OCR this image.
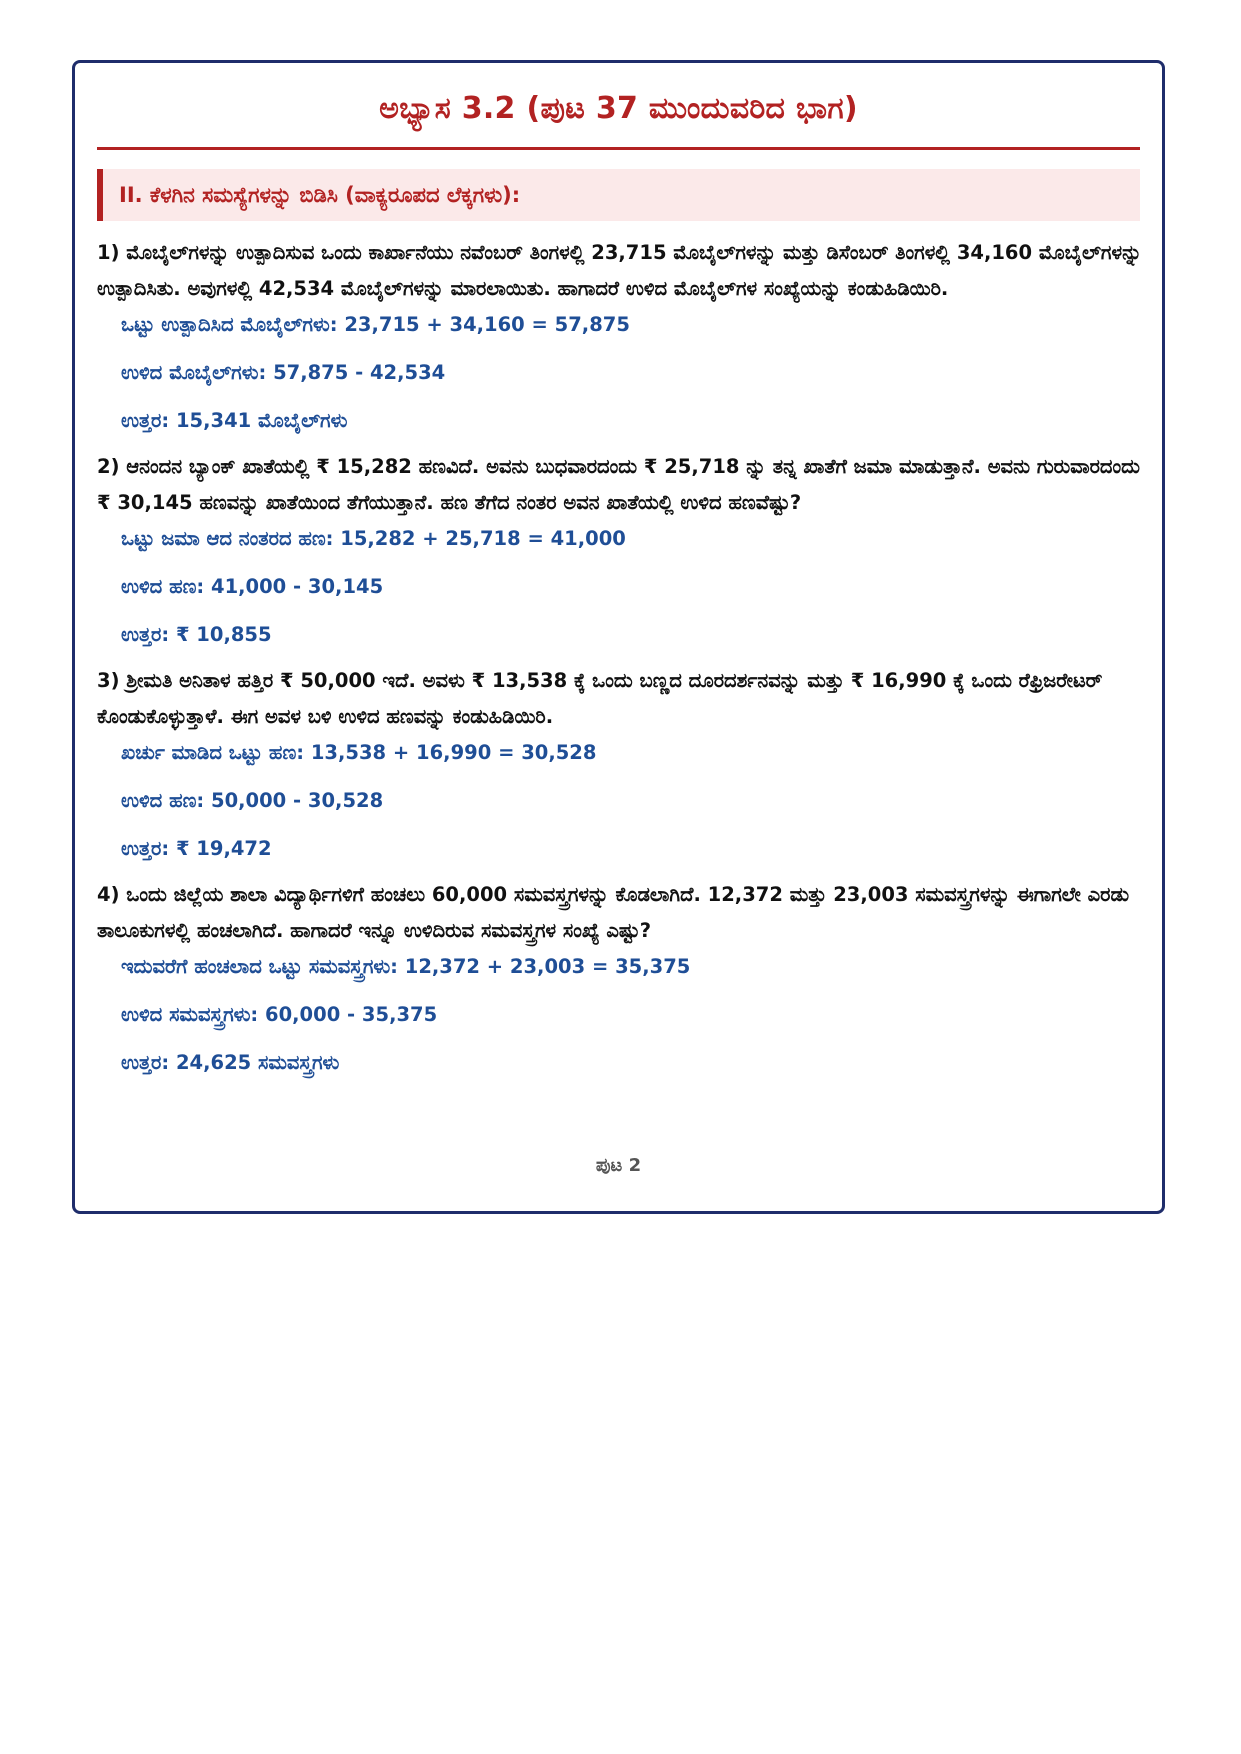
ಅಭ್ಯಾಸ 3.2 (ಪುಟ 37 ಮುಂದುವರಿದ ಭಾಗ)
II. ಕೆಳಗಿನ ಸಮಸ್ಯೆಗಳನ್ನು ಬಿಡಿಸಿ (ವಾಕ್ಯರೂಪದ ಲೆಕ್ಕಗಳು):

1) ಮೊಬೈಲ್‌ಗಳನ್ನು ಉತ್ಪಾದಿಸುವ ಒಂದು ಕಾರ್ಖಾನೆಯು ನವೆಂಬರ್ ತಿಂಗಳಲ್ಲಿ 23,715 ಮೊಬೈಲ್‌ಗಳನ್ನು ಮತ್ತು ಡಿಸೆಂಬರ್ ತಿಂಗಳಲ್ಲಿ 34,160 ಮೊಬೈಲ್‌ಗಳನ್ನು ಉತ್ಪಾದಿಸಿತು. ಅವುಗಳಲ್ಲಿ 42,534 ಮೊಬೈಲ್‌ಗಳನ್ನು ಮಾರಲಾಯಿತು. ಹಾಗಾದರೆ ಉಳಿದ ಮೊಬೈಲ್‌ಗಳ ಸಂಖ್ಯೆಯನ್ನು ಕಂಡುಹಿಡಿಯಿರಿ.

ಒಟ್ಟು ಉತ್ಪಾದಿಸಿದ ಮೊಬೈಲ್‌ಗಳು: 23,715 + 34,160 = 57,875
ಉಳಿದ ಮೊಬೈಲ್‌ಗಳು: 57,875 - 42,534
ಉತ್ತರ: 15,341 ಮೊಬೈಲ್‌ಗಳು

2) ಆನಂದನ ಬ್ಯಾಂಕ್ ಖಾತೆಯಲ್ಲಿ ₹ 15,282 ಹಣವಿದೆ. ಅವನು ಬುಧವಾರದಂದು ₹ 25,718 ನ್ನು ತನ್ನ ಖಾತೆಗೆ ಜಮಾ ಮಾಡುತ್ತಾನೆ. ಅವನು ಗುರುವಾರದಂದು ₹ 30,145 ಹಣವನ್ನು ಖಾತೆಯಿಂದ ತೆಗೆಯುತ್ತಾನೆ. ಹಣ ತೆಗೆದ ನಂತರ ಅವನ ಖಾತೆಯಲ್ಲಿ ಉಳಿದ ಹಣವೆಷ್ಟು?

ಒಟ್ಟು ಜಮಾ ಆದ ನಂತರದ ಹಣ: 15,282 + 25,718 = 41,000
ಉಳಿದ ಹಣ: 41,000 - 30,145
ಉತ್ತರ: ₹ 10,855

3) ಶ್ರೀಮತಿ ಅನಿತಾಳ ಹತ್ತಿರ ₹ 50,000 ಇದೆ. ಅವಳು ₹ 13,538 ಕ್ಕೆ ಒಂದು ಬಣ್ಣದ ದೂರದರ್ಶನವನ್ನು ಮತ್ತು ₹ 16,990 ಕ್ಕೆ ಒಂದು ರೆಫ್ರಿಜರೇಟರ್ ಕೊಂಡುಕೊಳ್ಳುತ್ತಾಳೆ. ಈಗ ಅವಳ ಬಳಿ ಉಳಿದ ಹಣವನ್ನು ಕಂಡುಹಿಡಿಯಿರಿ.

ಖರ್ಚು ಮಾಡಿದ ಒಟ್ಟು ಹಣ: 13,538 + 16,990 = 30,528
ಉಳಿದ ಹಣ: 50,000 - 30,528
ಉತ್ತರ: ₹ 19,472

4) ಒಂದು ಜಿಲ್ಲೆಯ ಶಾಲಾ ವಿದ್ಯಾರ್ಥಿಗಳಿಗೆ ಹಂಚಲು 60,000 ಸಮವಸ್ತ್ರಗಳನ್ನು ಕೊಡಲಾಗಿದೆ. 12,372 ಮತ್ತು 23,003 ಸಮವಸ್ತ್ರಗಳನ್ನು ಈಗಾಗಲೇ ಎರಡು ತಾಲೂಕುಗಳಲ್ಲಿ ಹಂಚಲಾಗಿದೆ. ಹಾಗಾದರೆ ಇನ್ನೂ ಉಳಿದಿರುವ ಸಮವಸ್ತ್ರಗಳ ಸಂಖ್ಯೆ ಎಷ್ಟು?

ಇದುವರೆಗೆ ಹಂಚಲಾದ ಒಟ್ಟು ಸಮವಸ್ತ್ರಗಳು: 12,372 + 23,003 = 35,375
ಉಳಿದ ಸಮವಸ್ತ್ರಗಳು: 60,000 - 35,375
ಉತ್ತರ: 24,625 ಸಮವಸ್ತ್ರಗಳು
ಪುಟ 2
